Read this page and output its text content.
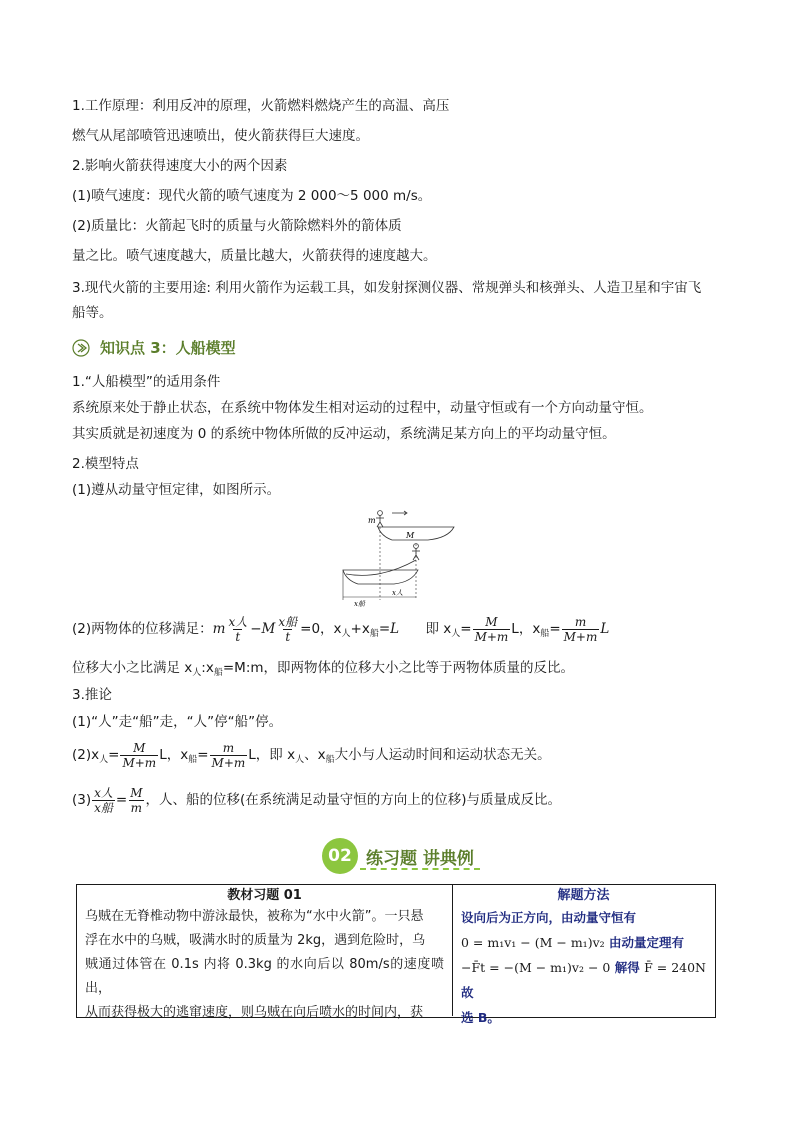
1.工作原理：利用反冲的原理，火箭燃料燃烧产生的高温、高压
燃气从尾部喷管迅速喷出，使火箭获得巨大速度。
2.影响火箭获得速度大小的两个因素
(1)喷气速度：现代火箭的喷气速度为 2 000～5 000 m/s。
(2)质量比：火箭起飞时的质量与火箭除燃料外的箭体质
量之比。喷气速度越大，质量比越大，火箭获得的速度越大。
3.现代火箭的主要用途: 利用火箭作为运载工具，如发射探测仪器、常规弹头和核弹头、人造卫星和宇宙飞
船等。
知识点 3：人船模型
1.“人船模型”的适用条件
系统原来处于静止状态，在系统中物体发生相对运动的过程中，动量守恒或有一个方向动量守恒。
其实质就是初速度为 0 的系统中物体所做的反冲运动，系统满足某方向上的平均动量守恒。
2.模型特点
(1)遵从动量守恒定律，如图所示。
m
M
x船
x人
(2)两物体的位移满足：m $\frac{\text{x人}}{t} -M \frac{\text{x船}}{t} =0$，$x_人+x_船=L$ 即 $x_人= \frac{M}{M+m}$ L，$x_船= \frac{m}{M+m}$ L
位移大小之比满足 $x_人:x_船=M:m$，即两物体的位移大小之比等于两物体质量的反比。
3.推论
(1)“人”走“船”走，“人”停“船”停。
$(2)x_人= \frac{M}{M+m}$ L，$x_船= \frac{m}{M+m}$ L，即 $x_人$、$x_船$大小与人运动时间和运动状态无关。
$(3) \frac{\text{x人}}{\text{x船}} = \frac{M}{m}$ ，人、船的位移(在系统满足动量守恒的方向上的位移)与质量成反比。
02 练习题 讲典例
教材习题 01
乌贼在无脊椎动物中游泳最快，被称为“水中火箭”。一只悬
浮在水中的乌贼，吸满水时的质量为 2kg，遇到危险时，乌
贼通过体管在 0.1s 内将 0.3kg 的水向后以 80m/s的速度喷出，
从而获得极大的逃窜速度，则乌贼在向后喷水的时间内，获
解题方法
设向后为正方向，由动量守恒有
0 = m₁v₁ − (M − m₁)v₂ 由动量定理有
−F̄t = −(M − m₁)v₂ − 0 解得 F̄ = 240N 故
选 B。
